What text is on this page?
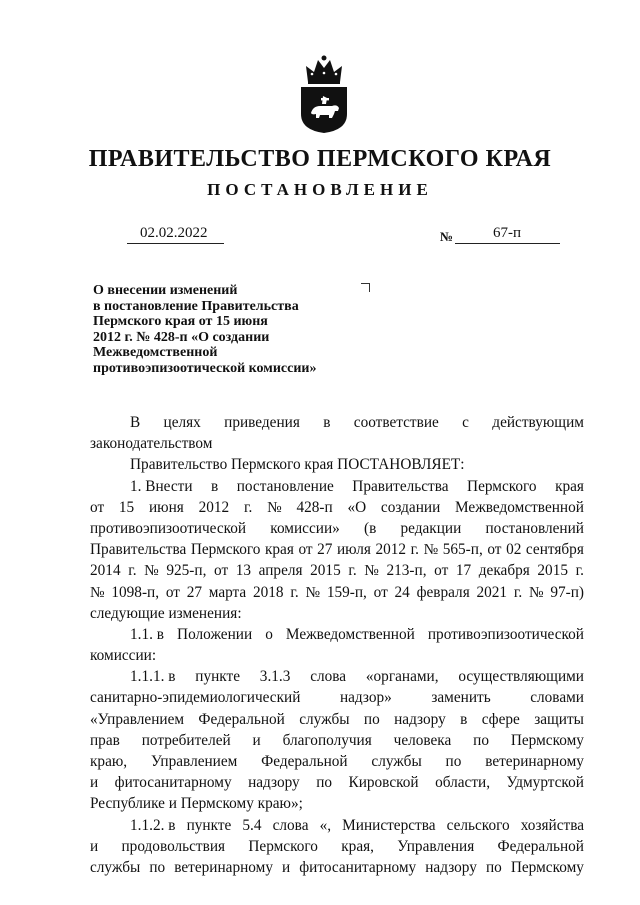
ПРАВИТЕЛЬСТВО ПЕРМСКОГО КРАЯ
ПОСТАНОВЛЕНИЕ
02.02.2022	№	67-п
О внесении изменений
в постановление Правительства
Пермского края от 15 июня
2012 г. № 428-п «О создании
Межведомственной
противоэпизоотической комиссии»
В целях приведения в соответствие с действующим
законодательством
Правительство Пермского края ПОСТАНОВЛЯЕТ:
1. Внести в постановление Правительства Пермского края
от 15 июня 2012 г. № 428-п «О создании Межведомственной
противоэпизоотической комиссии» (в редакции постановлений
Правительства Пермского края от 27 июля 2012 г. № 565-п, от 02 сентября
2014 г. № 925-п, от 13 апреля 2015 г. № 213-п, от 17 декабря 2015 г.
№ 1098-п, от 27 марта 2018 г. № 159-п, от 24 февраля 2021 г. № 97-п)
следующие изменения:
1.1. в Положении о Межведомственной противоэпизоотической
комиссии:
1.1.1. в пункте 3.1.3 слова «органами, осуществляющими
санитарно-эпидемиологический	надзор»	заменить	словами
«Управлением Федеральной службы по надзору в сфере защиты
прав потребителей и благополучия человека по Пермскому
краю, Управлением Федеральной службы по ветеринарному
и фитосанитарному надзору по Кировской области, Удмуртской
Республике и Пермскому краю»;
1.1.2. в пункте 5.4 слова «, Министерства сельского хозяйства
и продовольствия Пермского края, Управления Федеральной
службы по ветеринарному и фитосанитарному надзору по Пермскому
